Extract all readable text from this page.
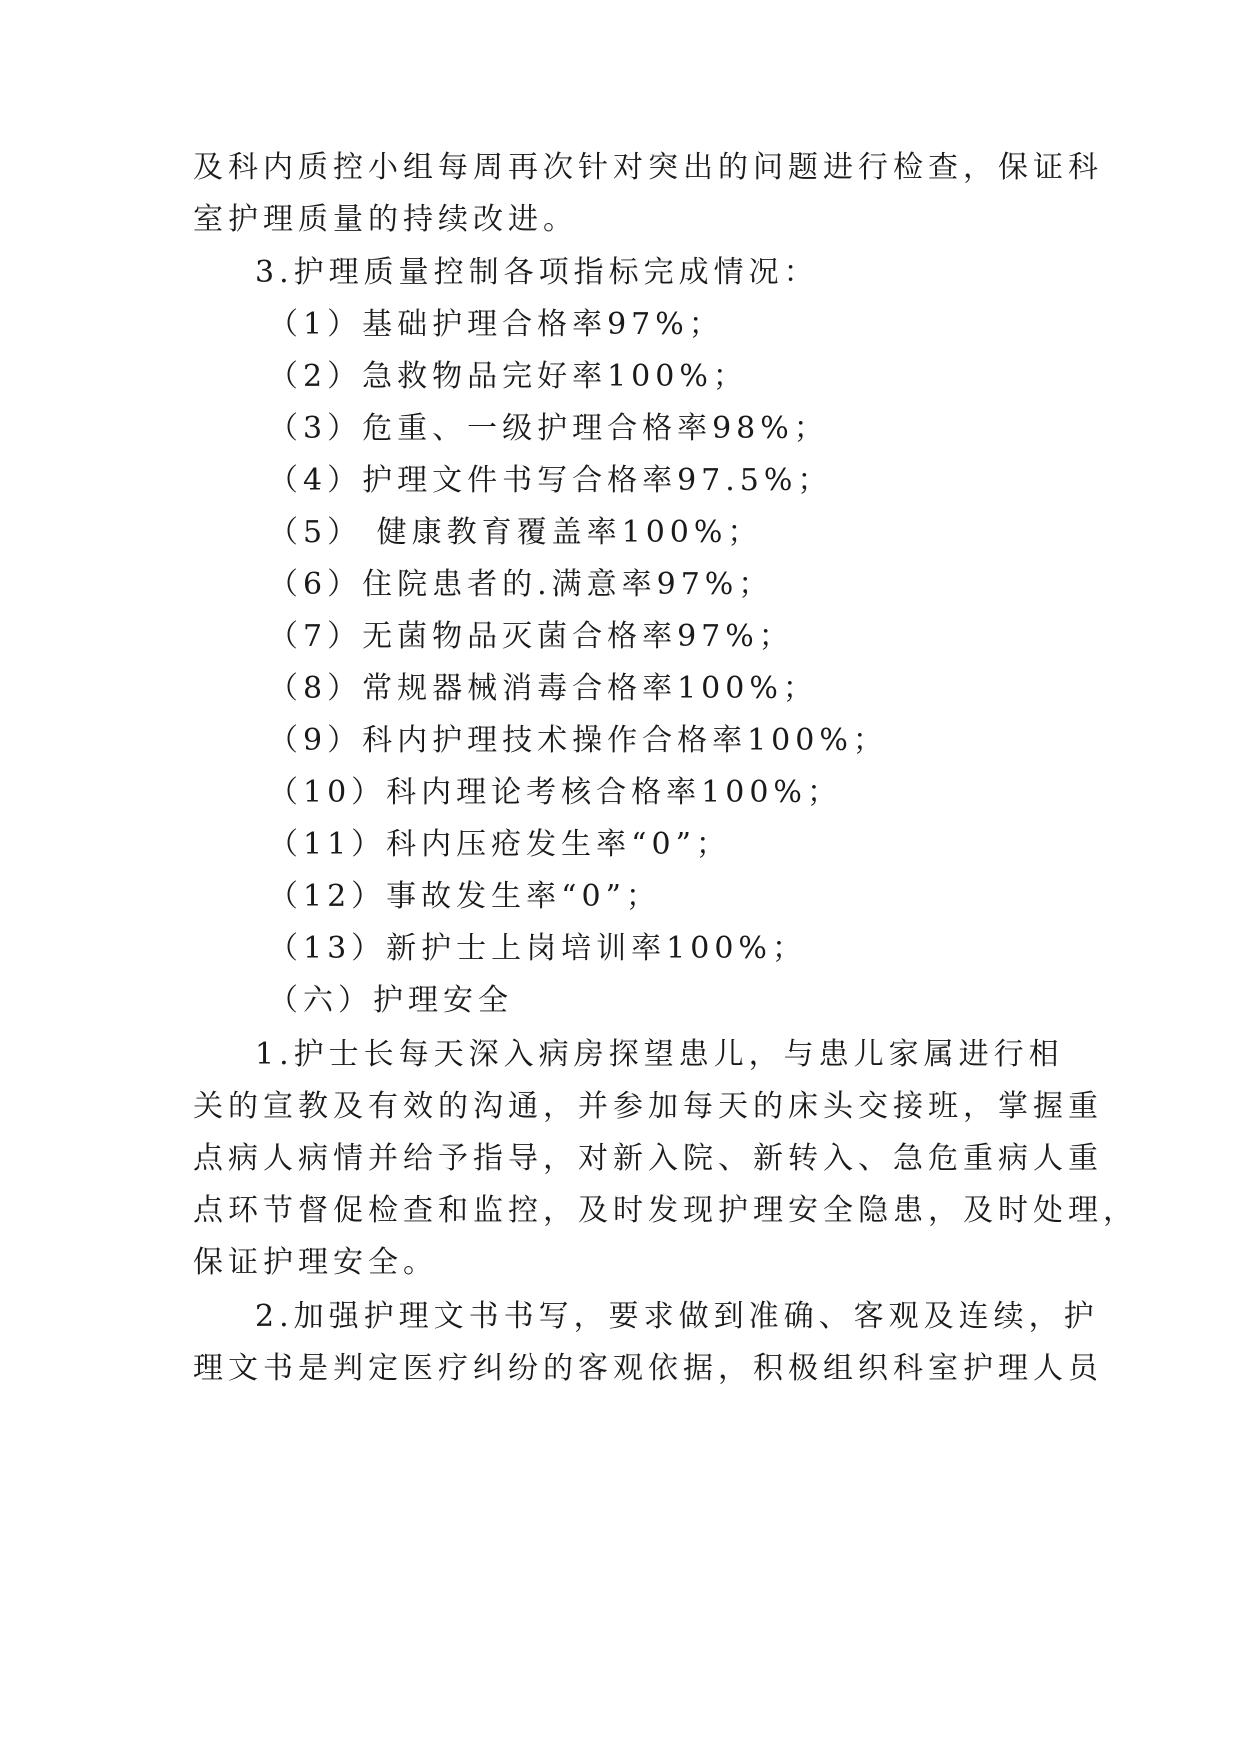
及科内质控小组每周再次针对突出的问题进行检查，保证科
室护理质量的持续改进。
3.护理质量控制各项指标完成情况：
（1）基础护理合格率97%；
（2）急救物品完好率100%；
（3）危重、一级护理合格率98%；
（4）护理文件书写合格率97.5%；
（5） 健康教育覆盖率100%；
（6）住院患者的.满意率97%；
（7）无菌物品灭菌合格率97%；
（8）常规器械消毒合格率100%；
（9）科内护理技术操作合格率100%；
（10）科内理论考核合格率100%；
（11）科内压疮发生率“0”；
（12）事故发生率“0”；
（13）新护士上岗培训率100%；
（六）护理安全
1.护士长每天深入病房探望患儿，与患儿家属进行相
关的宣教及有效的沟通，并参加每天的床头交接班，掌握重
点病人病情并给予指导，对新入院、新转入、急危重病人重
点环节督促检查和监控，及时发现护理安全隐患，及时处理，
保证护理安全。
2.加强护理文书书写，要求做到准确、客观及连续，护
理文书是判定医疗纠纷的客观依据，积极组织科室护理人员
